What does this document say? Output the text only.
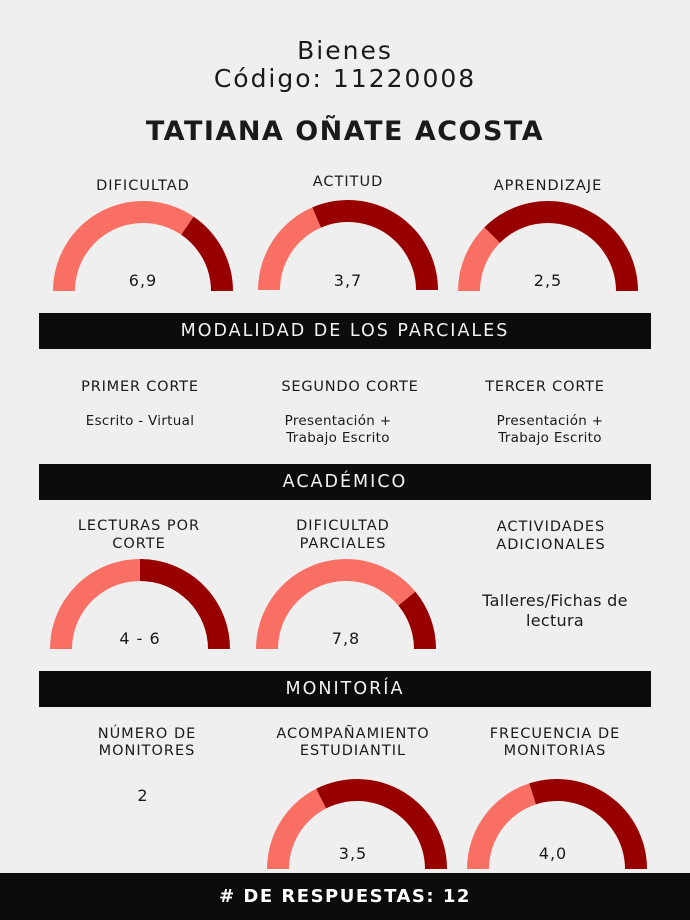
Bienes
Código: 11220008
TATIANA OÑATE ACOSTA
DIFICULTAD
6,9
ACTITUD
3,7
APRENDIZAJE
2,5
MODALIDAD DE LOS PARCIALES
PRIMER CORTE
Escrito - Virtual
SEGUNDO CORTE
Presentación +
Trabajo Escrito
TERCER CORTE
Presentación +
Trabajo Escrito
ACADÉMICO
LECTURAS POR
CORTE
4 - 6
DIFICULTAD
PARCIALES
7,8
ACTIVIDADES
ADICIONALES
Talleres/Fichas de
lectura
MONITORÍA
NÚMERO DE
MONITORES
2
ACOMPAÑAMIENTO
ESTUDIANTIL
3,5
FRECUENCIA DE
MONITORIAS
4,0
# DE RESPUESTAS: 12
